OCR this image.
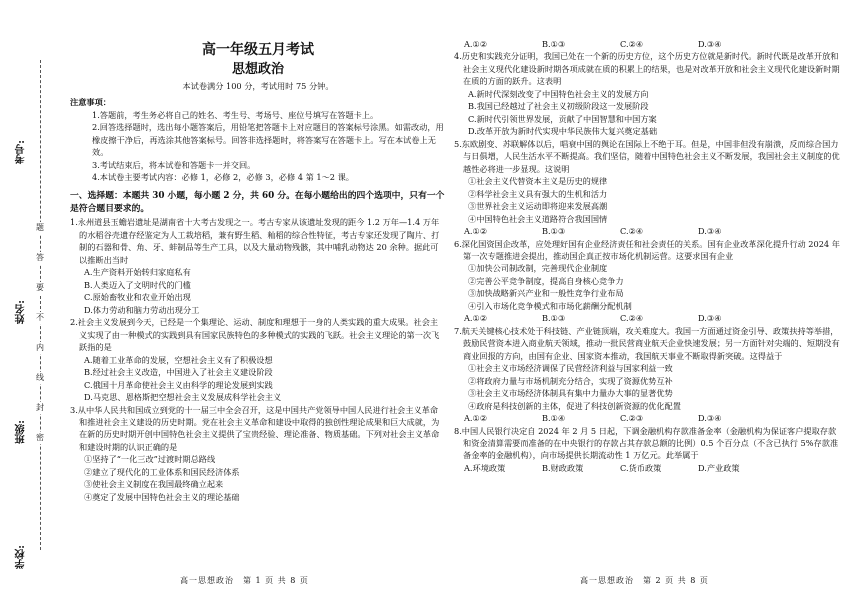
考号:
姓名:
班级:
学校:
题
答
要
不
内
线
封
密
高一年级五月考试
思想政治
本试卷满分 100 分，考试用时 75 分钟。
注意事项：
1.答题前，考生务必将自己的姓名、考生号、考场号、座位号填写在答题卡上。
2.回答选择题时，选出每小题答案后，用铅笔把答题卡上对应题目的答案标号涂黑。如需改动，用橡皮擦干净后，再选涂其他答案标号。回答非选择题时，将答案写在答题卡上。写在本试卷上无效。
3.考试结束后，将本试卷和答题卡一并交回。
4.本试卷主要考试内容：必修 1，必修 2，必修 3，必修 4 第 1～2 课。
一、选择题：本题共 30 小题，每小题 2 分，共 60 分。在每小题给出的四个选项中，只有一个是符合题目要求的。
1.永州道县玉蟾岩遗址是湖南省十大考古发现之一。考古专家从该遗址发现的距今 1.2 万年—1.4 万年的水稻谷壳遗存经鉴定为人工栽培稻，兼有野生稻、籼稻的综合性特征，考古专家还发现了陶片、打制的石器和骨、角、牙、蚌制品等生产工具，以及大量动物残骸，其中哺乳动物达 20 余种。据此可以推断出当时
A.生产资料开始转归家庭私有
B.人类迈入了文明时代的门槛
C.原始畜牧业和农业开始出现
D.体力劳动和脑力劳动出现分工
2.社会主义发展到今天，已经是一个集理论、运动、制度和理想于一身的人类实践的重大成果。社会主义实现了由一种模式的实践到具有国家民族特色的多种模式的实践的飞跃。社会主义理论的第一次飞跃指的是
A.随着工业革命的发展，空想社会主义有了积极设想
B.经过社会主义改造，中国进入了社会主义建设阶段
C.俄国十月革命使社会主义由科学的理论发展到实践
D.马克思、恩格斯把空想社会主义发展成科学社会主义
3.从中华人民共和国成立到党的十一届三中全会召开，这是中国共产党领导中国人民进行社会主义革命和推进社会主义建设的历史时期。党在社会主义革命和建设中取得的独创性理论成果和巨大成就，为在新的历史时期开创中国特色社会主义提供了宝贵经验、理论准备、物质基础。下列对社会主义革命和建设时期的认识正确的是
①坚持了“一化三改”过渡时期总路线
②建立了现代化的工业体系和国民经济体系
③使社会主义制度在我国最终确立起来
④奠定了发展中国特色社会主义的理论基础
高一思想政治　第 1 页 共 8 页
A.①②	B.①③	C.②④	D.③④
4.历史和实践充分证明，我国已处在一个新的历史方位，这个历史方位就是新时代。新时代既是改革开放和社会主义现代化建设新时期各项成就在质的积累上的结果，也是对改革开放和社会主义现代化建设新时期在质的方面的跃升。这表明
A.新时代深刻改变了中国特色社会主义的发展方向
B.我国已经越过了社会主义初级阶段这一发展阶段
C.新时代引领世界发展，贡献了中国智慧和中国方案
D.改革开放为新时代实现中华民族伟大复兴奠定基础
5.东欧剧变、苏联解体以后，唱衰中国的舆论在国际上不绝于耳。但是，中国非但没有崩溃，反而综合国力与日俱增，人民生活水平不断提高。我们坚信，随着中国特色社会主义不断发展，我国社会主义制度的优越性必将进一步显现。这说明
①社会主义代替资本主义是历史的规律
②科学社会主义具有强大的生机和活力
③世界社会主义运动即将迎来发展高潮
④中国特色社会主义道路符合我国国情
A.①②	B.①③	C.②④	D.③④
6.深化国资国企改革，应处理好国有企业经济责任和社会责任的关系。国有企业改革深化提升行动 2024 年第一次专题推进会提出，推动国企真正按市场化机制运营。这要求国有企业
①加快公司制改制，完善现代企业制度
②完善公平竞争制度，提高自身核心竞争力
③加快战略新兴产业和一般性竞争行业布局
④引入市场化竞争模式和市场化薪酬分配机制
A.①②	B.①③	C.②④	D.③④
7.航天关键核心技术处于科技链、产业链顶端，攻关难度大。我国一方面通过资金引导、政策扶持等举措，鼓励民营资本进入商业航天领域，推动一批民营商业航天企业快速发展；另一方面针对尖端的、短期没有商业回报的方向，由国有企业、国家资本推动，我国航天事业不断取得新突破。这得益于
①社会主义市场经济调保了民营经济利益与国家利益一致
②将政府力量与市场机制充分结合，实现了资源优势互补
③社会主义市场经济体制具有集中力量办大事的显著优势
④政府是科技创新的主体，促进了科技创新资源的优化配置
A.①②	B.①④	C.②③	D.③④
8.中国人民银行决定自 2024 年 2 月 5 日起，下调金融机构存款准备金率（金融机构为保证客户提取存款和资金清算需要而准备的在中央银行的存款占其存款总额的比例）0.5 个百分点（不含已执行 5%存款准备金率的金融机构），向市场提供长期流动性 1 万亿元。此举属于
A.环境政策	B.财政政策	C.货币政策	D.产业政策
高一思想政治　第 2 页 共 8 页
